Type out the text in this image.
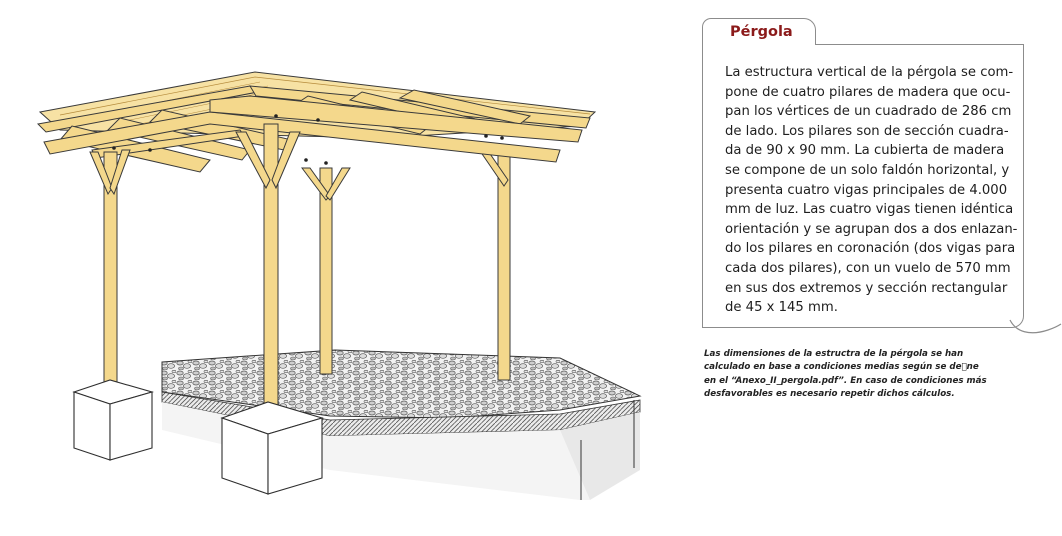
Pérgola

La estructura vertical de la pérgola se com-
pone de cuatro pilares de madera que ocu-
pan los vértices de un cuadrado de 286 cm
de lado. Los pilares son de sección cuadra-
da de 90 x 90 mm. La cubierta de madera
se compone de un solo faldón horizontal, y
presenta cuatro vigas principales de 4.000
mm de luz. Las cuatro vigas tienen idéntica
orientación y se agrupan dos a dos enlazan-
do los pilares en coronación (dos vigas para
cada dos pilares), con un vuelo de 570 mm
en sus dos extremos y sección rectangular
de 45 x 145 mm.

Las dimensiones de la estructra de la pérgola se han
calculado en base a condiciones medias según se de ne
en el “Anexo_II_pergola.pdf”. En caso de condiciones más
desfavorables es necesario repetir dichos cálculos.
